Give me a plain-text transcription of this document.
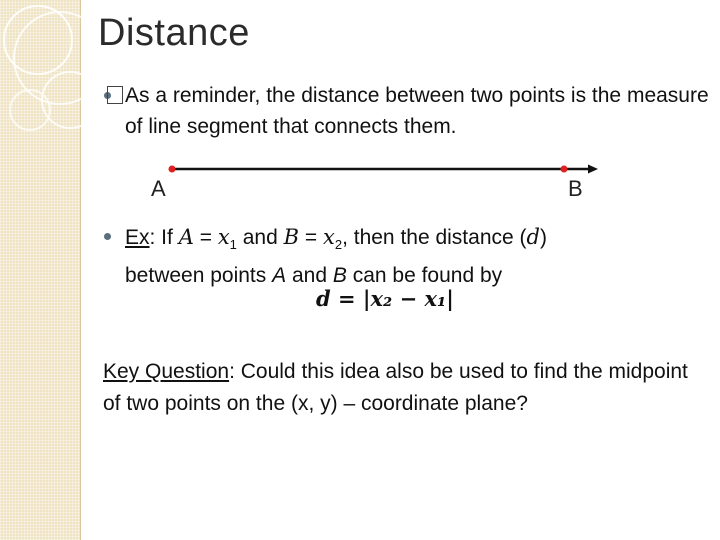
Distance
As a reminder, the distance between two points is the measure of line segment that connects them.
A	B
Ex: If $A = x_1$ and $B = x_2$, then the distance (d)
between points A and B can be found by
d = |x₂ − x₁|
Key Question: Could this idea also be used to find the midpoint of two points on the (x, y) – coordinate plane?
